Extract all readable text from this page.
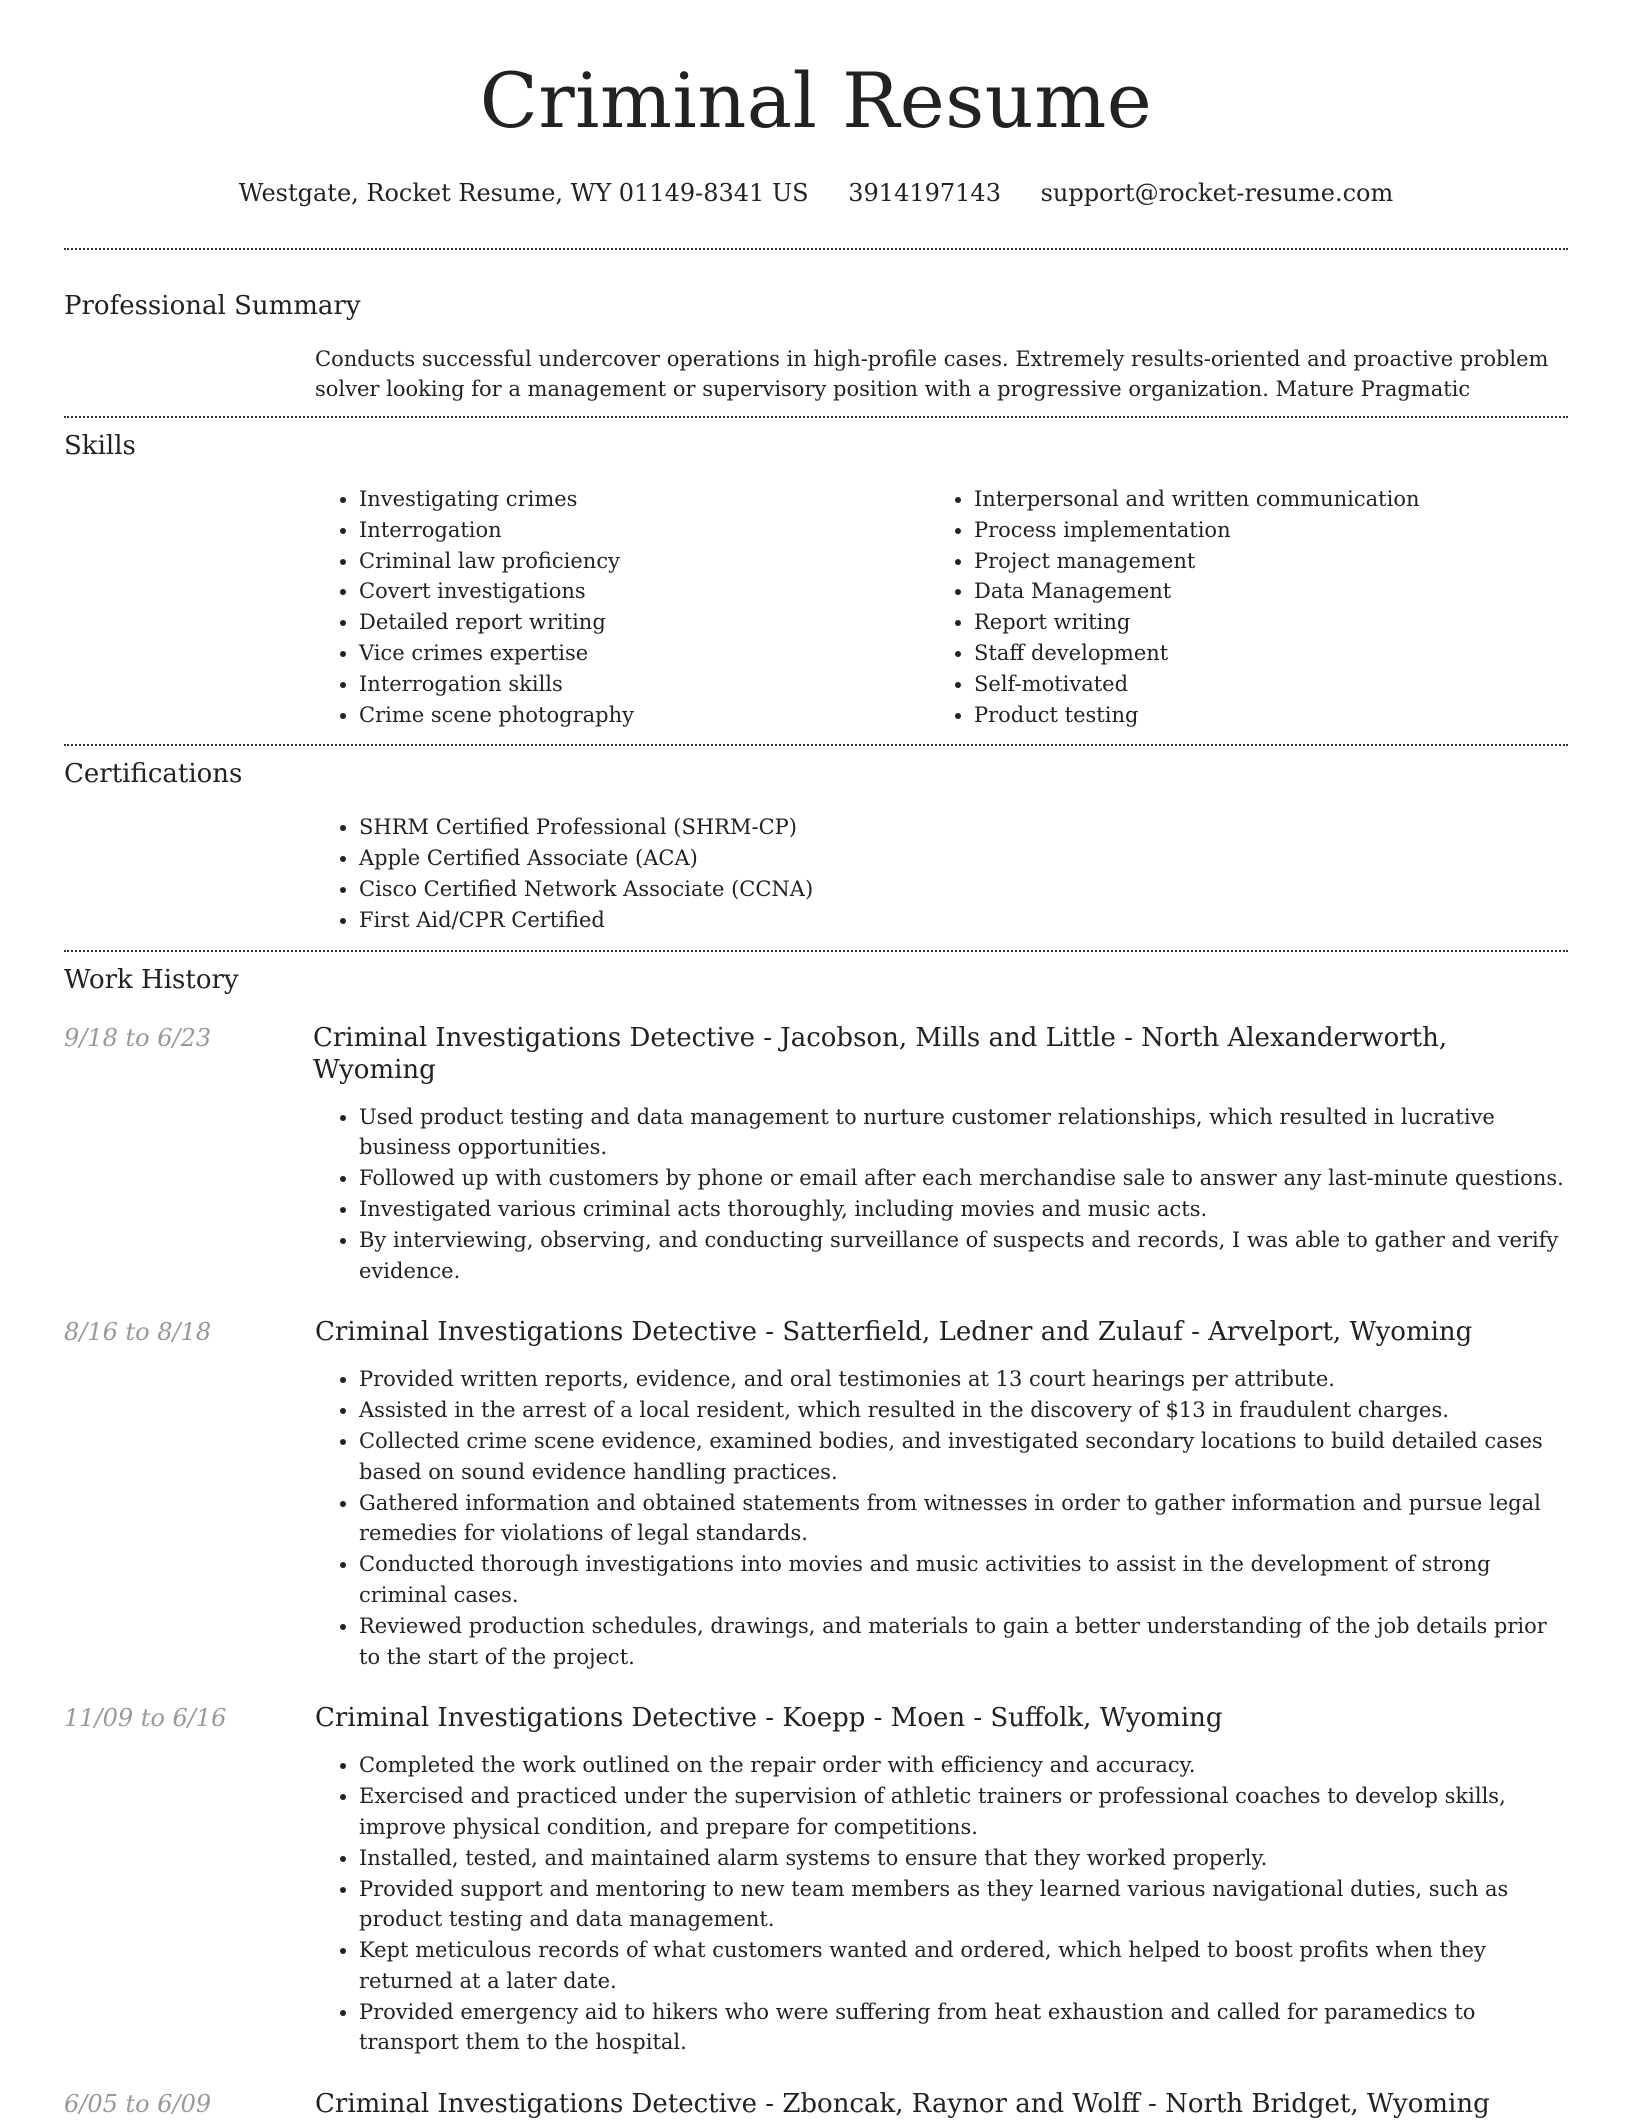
Criminal Resume
Westgate, Rocket Resume, WY 01149-8341 US 3914197143 support@rocket-resume.com
Professional Summary
Conducts successful undercover operations in high-profile cases. Extremely results-oriented and proactive problem solver looking for a management or supervisory position with a progressive organization. Mature Pragmatic
Skills
• Investigating crimes
• Interrogation
• Criminal law proficiency
• Covert investigations
• Detailed report writing
• Vice crimes expertise
• Interrogation skills
• Crime scene photography
• Interpersonal and written communication
• Process implementation
• Project management
• Data Management
• Report writing
• Staff development
• Self-motivated
• Product testing
Certifications
• SHRM Certified Professional (SHRM-CP)
• Apple Certified Associate (ACA)
• Cisco Certified Network Associate (CCNA)
• First Aid/CPR Certified
Work History
9/18 to 6/23	Criminal Investigations Detective - Jacobson, Mills and Little - North Alexanderworth, Wyoming
• Used product testing and data management to nurture customer relationships, which resulted in lucrative business opportunities.
• Followed up with customers by phone or email after each merchandise sale to answer any last-minute questions.
• Investigated various criminal acts thoroughly, including movies and music acts.
• By interviewing, observing, and conducting surveillance of suspects and records, I was able to gather and verify evidence.
8/16 to 8/18	Criminal Investigations Detective - Satterfield, Ledner and Zulauf - Arvelport, Wyoming
• Provided written reports, evidence, and oral testimonies at 13 court hearings per attribute.
• Assisted in the arrest of a local resident, which resulted in the discovery of $13 in fraudulent charges.
• Collected crime scene evidence, examined bodies, and investigated secondary locations to build detailed cases based on sound evidence handling practices.
• Gathered information and obtained statements from witnesses in order to gather information and pursue legal remedies for violations of legal standards.
• Conducted thorough investigations into movies and music activities to assist in the development of strong criminal cases.
• Reviewed production schedules, drawings, and materials to gain a better understanding of the job details prior to the start of the project.
11/09 to 6/16	Criminal Investigations Detective - Koepp - Moen - Suffolk, Wyoming
• Completed the work outlined on the repair order with efficiency and accuracy.
• Exercised and practiced under the supervision of athletic trainers or professional coaches to develop skills, improve physical condition, and prepare for competitions.
• Installed, tested, and maintained alarm systems to ensure that they worked properly.
• Provided support and mentoring to new team members as they learned various navigational duties, such as product testing and data management.
• Kept meticulous records of what customers wanted and ordered, which helped to boost profits when they returned at a later date.
• Provided emergency aid to hikers who were suffering from heat exhaustion and called for paramedics to transport them to the hospital.
6/05 to 6/09	Criminal Investigations Detective - Zboncak, Raynor and Wolff - North Bridget, Wyoming
